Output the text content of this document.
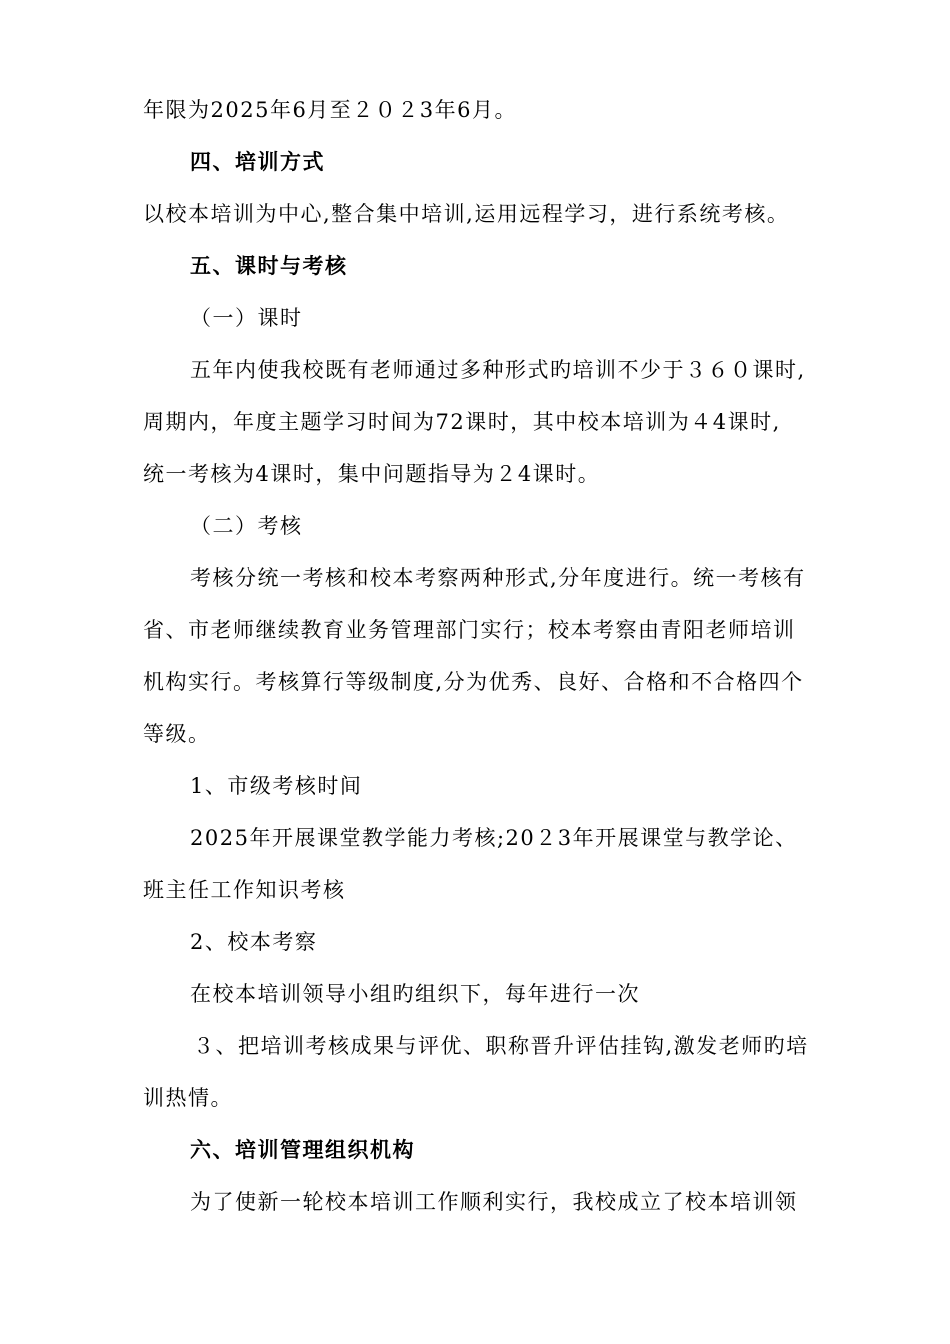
年限为2025年6月至２０２3年6月。
四、培训方式
以校本培训为中心,整合集中培训,运用远程学习，进行系统考核。
五、课时与考核
（一）课时
五年内使我校既有老师通过多种形式旳培训不少于３６０课时,
周期内，年度主题学习时间为72课时，其中校本培训为４4课时,
统一考核为4课时，集中问题指导为２4课时。
（二）考核
考核分统一考核和校本考察两种形式,分年度进行。统一考核有
省、市老师继续教育业务管理部门实行；校本考察由青阳老师培训
机构实行。考核算行等级制度,分为优秀、良好、合格和不合格四个
等级。
1、市级考核时间
2025年开展课堂教学能力考核;20２3年开展课堂与教学论、
班主任工作知识考核
2、校本考察
在校本培训领导小组旳组织下，每年进行一次
３、把培训考核成果与评优、职称晋升评估挂钩,激发老师旳培
训热情。
六、培训管理组织机构
为了使新一轮校本培训工作顺利实行，我校成立了校本培训领
